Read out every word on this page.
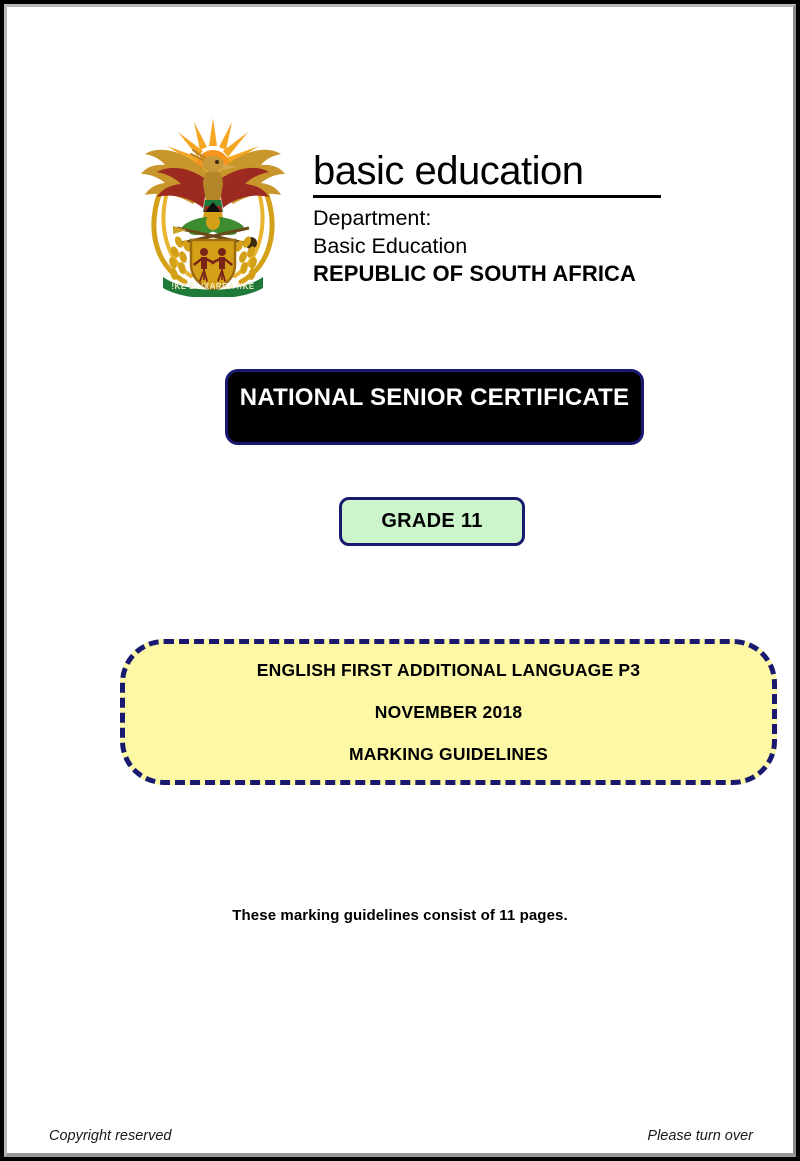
!KE E: /XARRA //KE
basic education
Department:
Basic Education
REPUBLIC OF SOUTH AFRICA
NATIONAL SENIOR CERTIFICATE
GRADE 11
ENGLISH FIRST ADDITIONAL LANGUAGE P3
NOVEMBER 2018
MARKING GUIDELINES
These marking guidelines consist of 11 pages.
Copyright reserved	Please turn over
